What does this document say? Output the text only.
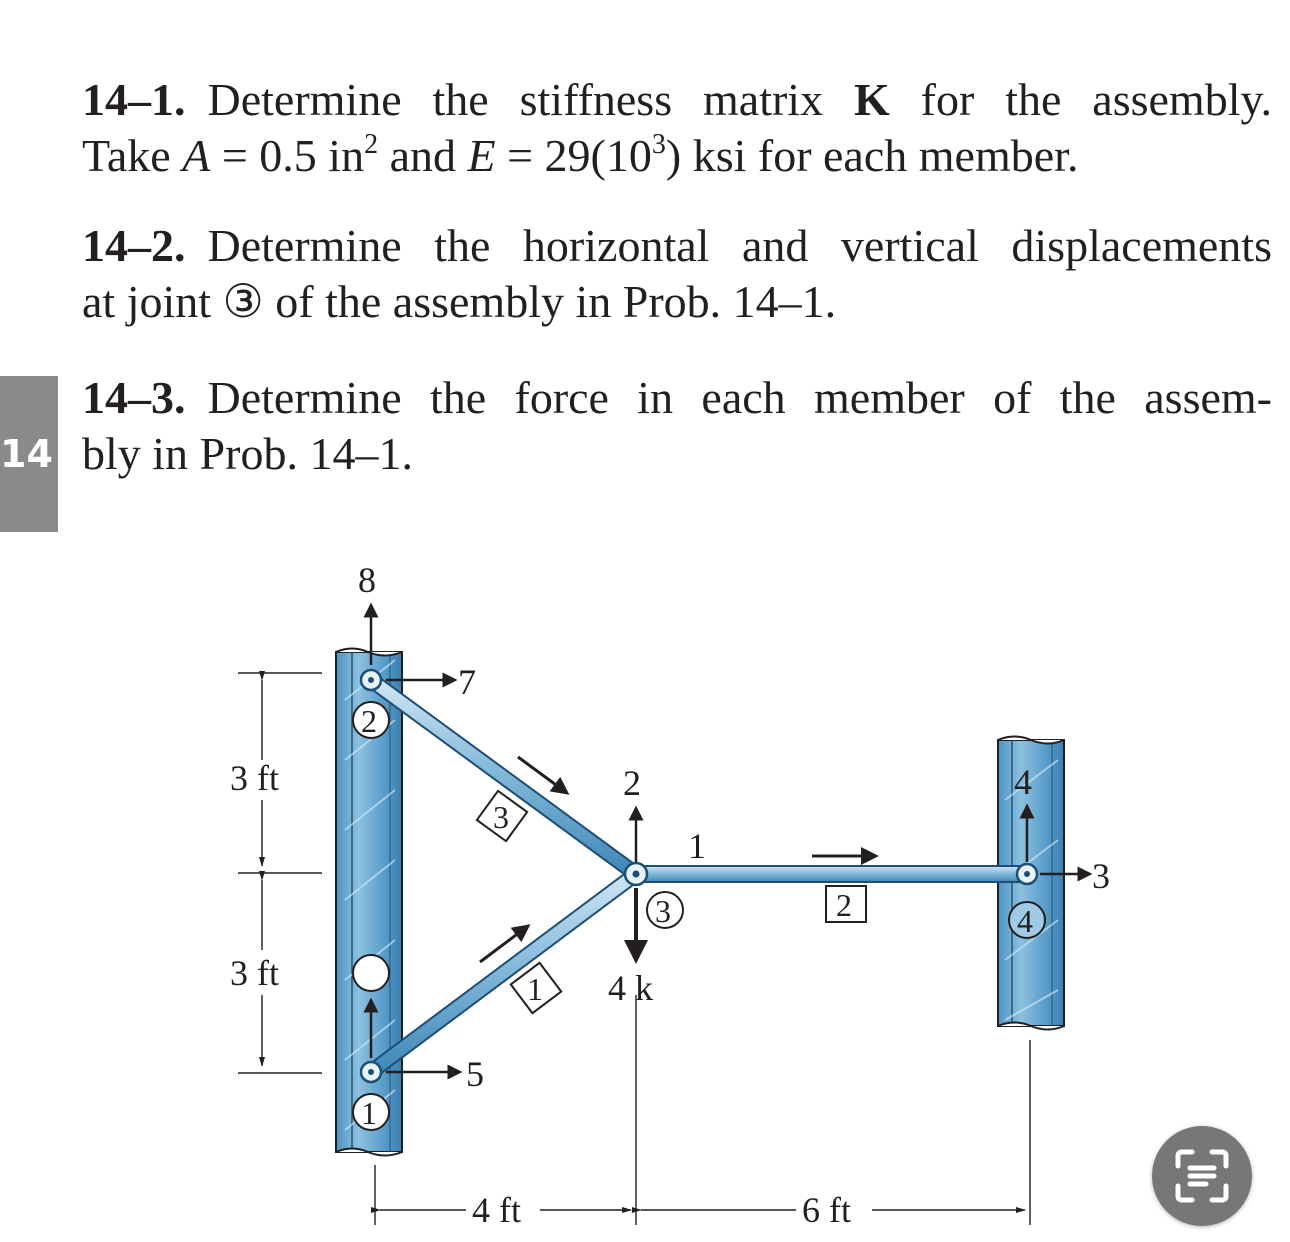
14
14–1. Determine the stiffness matrix K for the assembly.
Take A = 0.5 $in^2$ and $E = 29(10^3)$ ksi for each member.
14–2. Determine the horizontal and vertical displacements
at joint ③ of the assembly in Prob. 14–1.
14–3. Determine the force in each member of the assem-
bly in Prob. 14–1.
3 ft
3 ft
4 ft	6 ft
4 k
8
7
5
2
1
4
3
2
1
3	4
3
1
2
